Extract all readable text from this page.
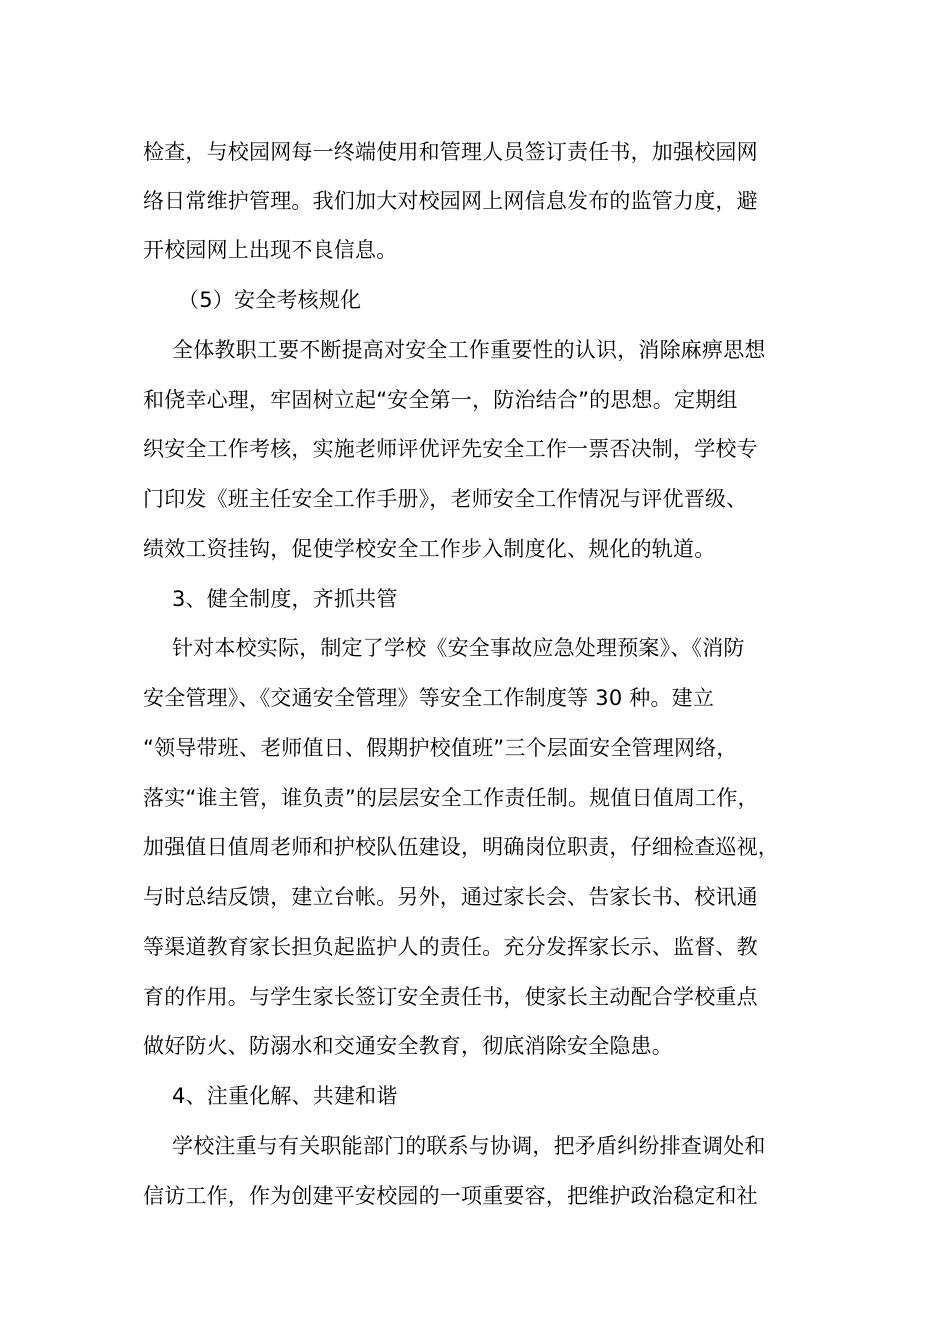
检查，与校园网每一终端使用和管理人员签订责任书，加强校园网
络日常维护管理。我们加大对校园网上网信息发布的监管力度，避
开校园网上出现不良信息。
（5）安全考核规化
全体教职工要不断提高对安全工作重要性的认识，消除麻痹思想
和侥幸心理，牢固树立起“安全第一，防治结合”的思想。定期组
织安全工作考核，实施老师评优评先安全工作一票否决制，学校专
门印发《班主任安全工作手册》，老师安全工作情况与评优晋级、
绩效工资挂钩，促使学校安全工作步入制度化、规化的轨道。
3、健全制度，齐抓共管
针对本校实际，制定了学校《安全事故应急处理预案》、《消防
安全管理》、《交通安全管理》等安全工作制度等 30 种。建立
“领导带班、老师值日、假期护校值班”三个层面安全管理网络，
落实“谁主管，谁负责”的层层安全工作责任制。规值日值周工作，
加强值日值周老师和护校队伍建设，明确岗位职责，仔细检查巡视，
与时总结反馈，建立台帐。另外，通过家长会、告家长书、校讯通
等渠道教育家长担负起监护人的责任。充分发挥家长示、监督、教
育的作用。与学生家长签订安全责任书，使家长主动配合学校重点
做好防火、防溺水和交通安全教育，彻底消除安全隐患。
4、注重化解、共建和谐
学校注重与有关职能部门的联系与协调，把矛盾纠纷排查调处和
信访工作，作为创建平安校园的一项重要容，把维护政治稳定和社
